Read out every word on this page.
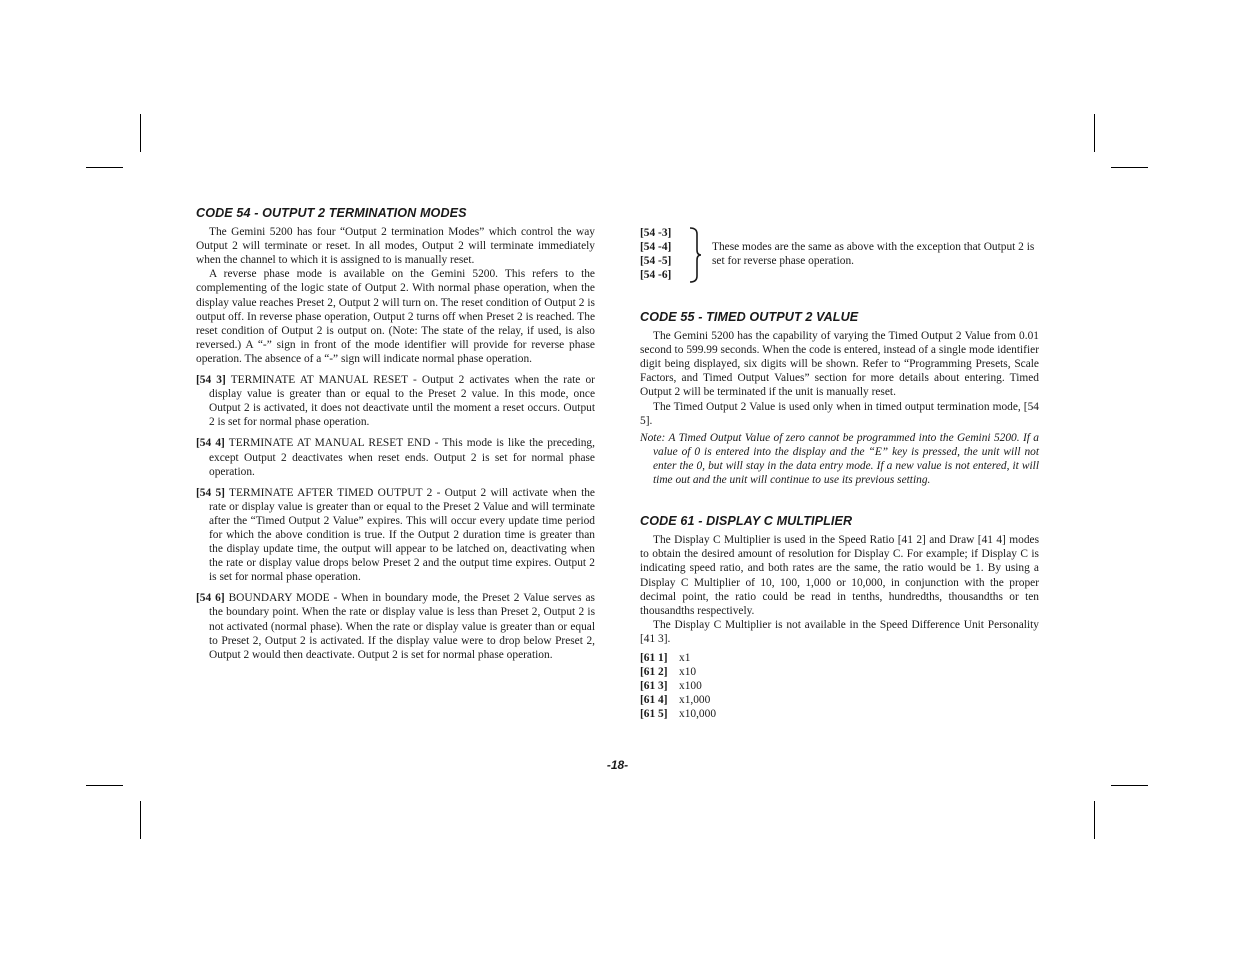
CODE 54 - OUTPUT 2 TERMINATION MODES

The Gemini 5200 has four “Output 2 termination Modes” which control the way Output 2 will terminate or reset. In all modes, Output 2 will terminate immediately when the channel to which it is assigned to is manually reset.

A reverse phase mode is available on the Gemini 5200. This refers to the complementing of the logic state of Output 2. With normal phase operation, when the display value reaches Preset 2, Output 2 will turn on. The reset condition of Output 2 is output off. In reverse phase operation, Output 2 turns off when Preset 2 is reached. The reset condition of Output 2 is output on. (Note: The state of the relay, if used, is also reversed.) A “-” sign in front of the mode identifier will provide for reverse phase operation. The absence of a “-” sign will indicate normal phase operation.

[54 3] TERMINATE AT MANUAL RESET - Output 2 activates when the rate or display value is greater than or equal to the Preset 2 value. In this mode, once Output 2 is activated, it does not deactivate until the moment a reset occurs. Output 2 is set for normal phase operation.
[54 4] TERMINATE AT MANUAL RESET END - This mode is like the preceding, except Output 2 deactivates when reset ends. Output 2 is set for normal phase operation.
[54 5] TERMINATE AFTER TIMED OUTPUT 2 - Output 2 will activate when the rate or display value is greater than or equal to the Preset 2 Value and will terminate after the “Timed Output 2 Value” expires. This will occur every update time period for which the above condition is true. If the Output 2 duration time is greater than the display update time, the output will appear to be latched on, deactivating when the rate or display value drops below Preset 2 and the output time expires. Output 2 is set for normal phase operation.
[54 6] BOUNDARY MODE - When in boundary mode, the Preset 2 Value serves as the boundary point. When the rate or display value is less than Preset 2, Output 2 is not activated (normal phase). When the rate or display value is greater than or equal to Preset 2, Output 2 is activated. If the display value were to drop below Preset 2, Output 2 would then deactivate. Output 2 is set for normal phase operation.
[54 -3]
[54 -4]
[54 -5]
[54 -6]
These modes are the same as above with the exception that Output 2 is set for reverse phase operation.
CODE 55 - TIMED OUTPUT 2 VALUE

The Gemini 5200 has the capability of varying the Timed Output 2 Value from 0.01 second to 599.99 seconds. When the code is entered, instead of a single mode identifier digit being displayed, six digits will be shown. Refer to “Programming Presets, Scale Factors, and Timed Output Values” section for more details about entering. Timed Output 2 will be terminated if the unit is manually reset.

The Timed Output 2 Value is used only when in timed output termination mode, [54 5].

Note: A Timed Output Value of zero cannot be programmed into the Gemini 5200. If a value of 0 is entered into the display and the “E” key is pressed, the unit will not enter the 0, but will stay in the data entry mode. If a new value is not entered, it will time out and the unit will continue to use its previous setting.
CODE 61 - DISPLAY C MULTIPLIER

The Display C Multiplier is used in the Speed Ratio [41 2] and Draw [41 4] modes to obtain the desired amount of resolution for Display C. For example; if Display C is indicating speed ratio, and both rates are the same, the ratio would be 1. By using a Display C Multiplier of 10, 100, 1,000 or 10,000, in conjunction with the proper decimal point, the ratio could be read in tenths, hundredths, thousandths or ten thousandths respectively.

The Display C Multiplier is not available in the Speed Difference Unit Personality [41 3].

[61 1]	x1
[61 2]	x10
[61 3]	x100
[61 4]	x1,000
[61 5]	x10,000
-18-
